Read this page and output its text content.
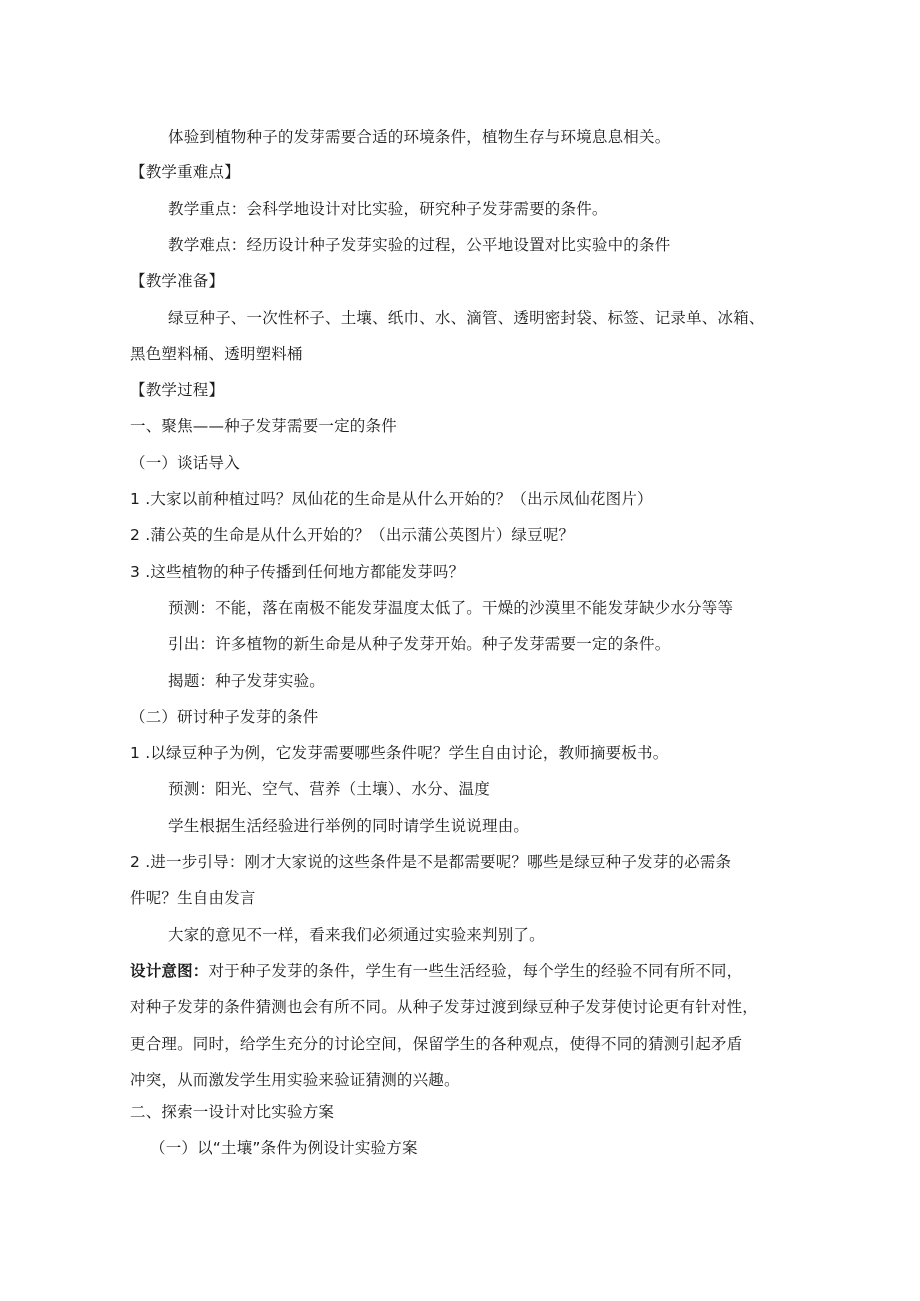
体验到植物种子的发芽需要合适的环境条件，植物生存与环境息息相关。
【教学重难点】
教学重点：会科学地设计对比实验，研究种子发芽需要的条件。
教学难点：经历设计种子发芽实验的过程，公平地设置对比实验中的条件
【教学准备】
绿豆种子、一次性杯子、土壤、纸巾、水、滴管、透明密封袋、标签、记录单、冰箱、
黑色塑料桶、透明塑料桶
【教学过程】
一、聚焦——种子发芽需要一定的条件
（一）谈话导入
1 .大家以前种植过吗？凤仙花的生命是从什么开始的？（出示凤仙花图片）
2 .蒲公英的生命是从什么开始的？（出示蒲公英图片）绿豆呢？
3 .这些植物的种子传播到任何地方都能发芽吗？
预测：不能，落在南极不能发芽温度太低了。干燥的沙漠里不能发芽缺少水分等等
引出：许多植物的新生命是从种子发芽开始。种子发芽需要一定的条件。
揭题：种子发芽实验。
（二）研讨种子发芽的条件
1 .以绿豆种子为例，它发芽需要哪些条件呢？学生自由讨论，教师摘要板书。
预测：阳光、空气、营养（土壤）、水分、温度
学生根据生活经验进行举例的同时请学生说说理由。
2 .进一步引导：刚才大家说的这些条件是不是都需要呢？哪些是绿豆种子发芽的必需条
件呢？生自由发言
大家的意见不一样，看来我们必须通过实验来判别了。
设计意图：对于种子发芽的条件，学生有一些生活经验，每个学生的经验不同有所不同，
对种子发芽的条件猜测也会有所不同。从种子发芽过渡到绿豆种子发芽使讨论更有针对性，
更合理。同时，给学生充分的讨论空间，保留学生的各种观点，使得不同的猜测引起矛盾
冲突，从而激发学生用实验来验证猜测的兴趣。
二、探索一设计对比实验方案
（一）以“土壤”条件为例设计实验方案
